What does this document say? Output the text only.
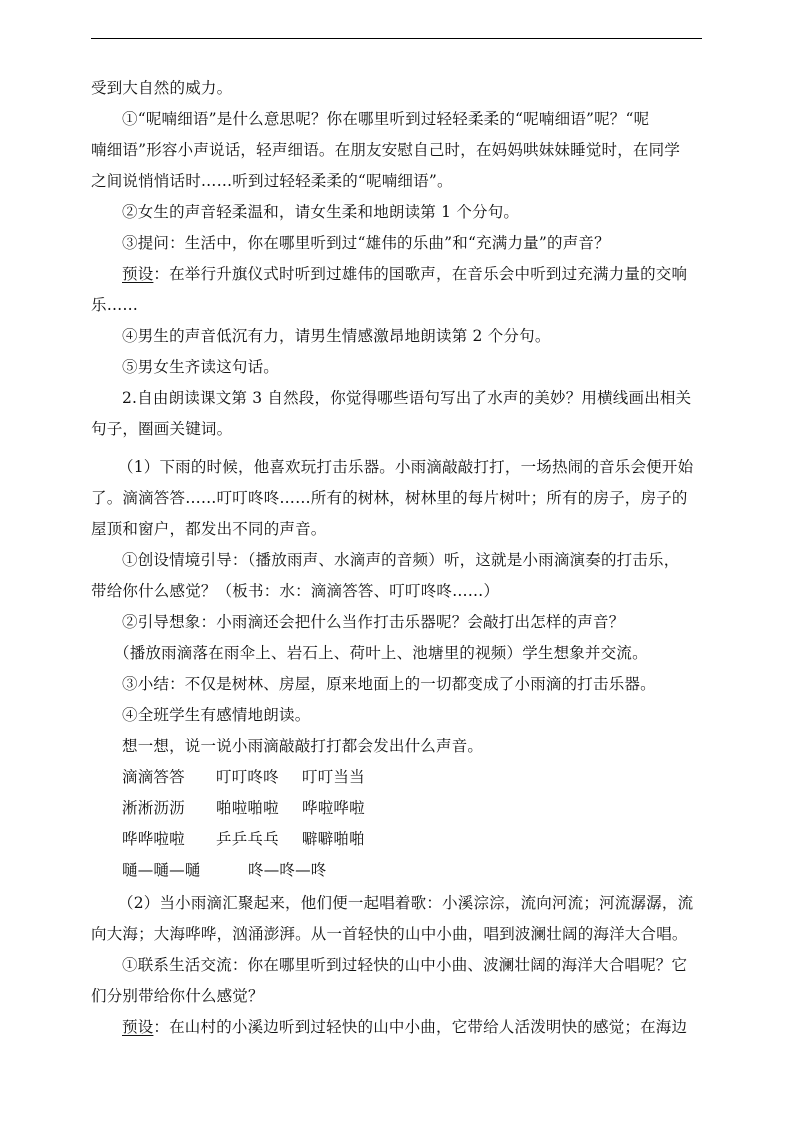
受到大自然的威力。
①“呢喃细语”是什么意思呢？你在哪里听到过轻轻柔柔的“呢喃细语”呢？“呢
喃细语”形容小声说话，轻声细语。在朋友安慰自己时，在妈妈哄妹妹睡觉时，在同学
之间说悄悄话时……听到过轻轻柔柔的“呢喃细语”。
②女生的声音轻柔温和，请女生柔和地朗读第 1 个分句。
③提问：生活中，你在哪里听到过“雄伟的乐曲”和“充满力量”的声音？
预设：在举行升旗仪式时听到过雄伟的国歌声，在音乐会中听到过充满力量的交响
乐……
④男生的声音低沉有力，请男生情感激昂地朗读第 2 个分句。
⑤男女生齐读这句话。
2.自由朗读课文第 3 自然段，你觉得哪些语句写出了水声的美妙？用横线画出相关
句子，圈画关键词。
（1）下雨的时候，他喜欢玩打击乐器。小雨滴敲敲打打，一场热闹的音乐会便开始
了。滴滴答答……叮叮咚咚……所有的树林，树林里的每片树叶；所有的房子，房子的
屋顶和窗户，都发出不同的声音。
①创设情境引导：（播放雨声、水滴声的音频）听，这就是小雨滴演奏的打击乐，
带给你什么感觉？（板书：水：滴滴答答、叮叮咚咚……）
②引导想象：小雨滴还会把什么当作打击乐器呢？会敲打出怎样的声音？
（播放雨滴落在雨伞上、岩石上、荷叶上、池塘里的视频）学生想象并交流。
③小结：不仅是树林、房屋，原来地面上的一切都变成了小雨滴的打击乐器。
④全班学生有感情地朗读。
想一想，说一说小雨滴敲敲打打都会发出什么声音。
滴滴答答 叮叮咚咚 叮叮当当
淅淅沥沥 啪啦啪啦 哗啦哗啦
哗哗啦啦 乒乒乓乓 噼噼啪啪
嗵—嗵—嗵	咚—咚—咚
（2）当小雨滴汇聚起来，他们便一起唱着歌：小溪淙淙，流向河流；河流潺潺，流
向大海；大海哗哗，汹涌澎湃。从一首轻快的山中小曲，唱到波澜壮阔的海洋大合唱。
①联系生活交流：你在哪里听到过轻快的山中小曲、波澜壮阔的海洋大合唱呢？它
们分别带给你什么感觉？
预设：在山村的小溪边听到过轻快的山中小曲，它带给人活泼明快的感觉；在海边
